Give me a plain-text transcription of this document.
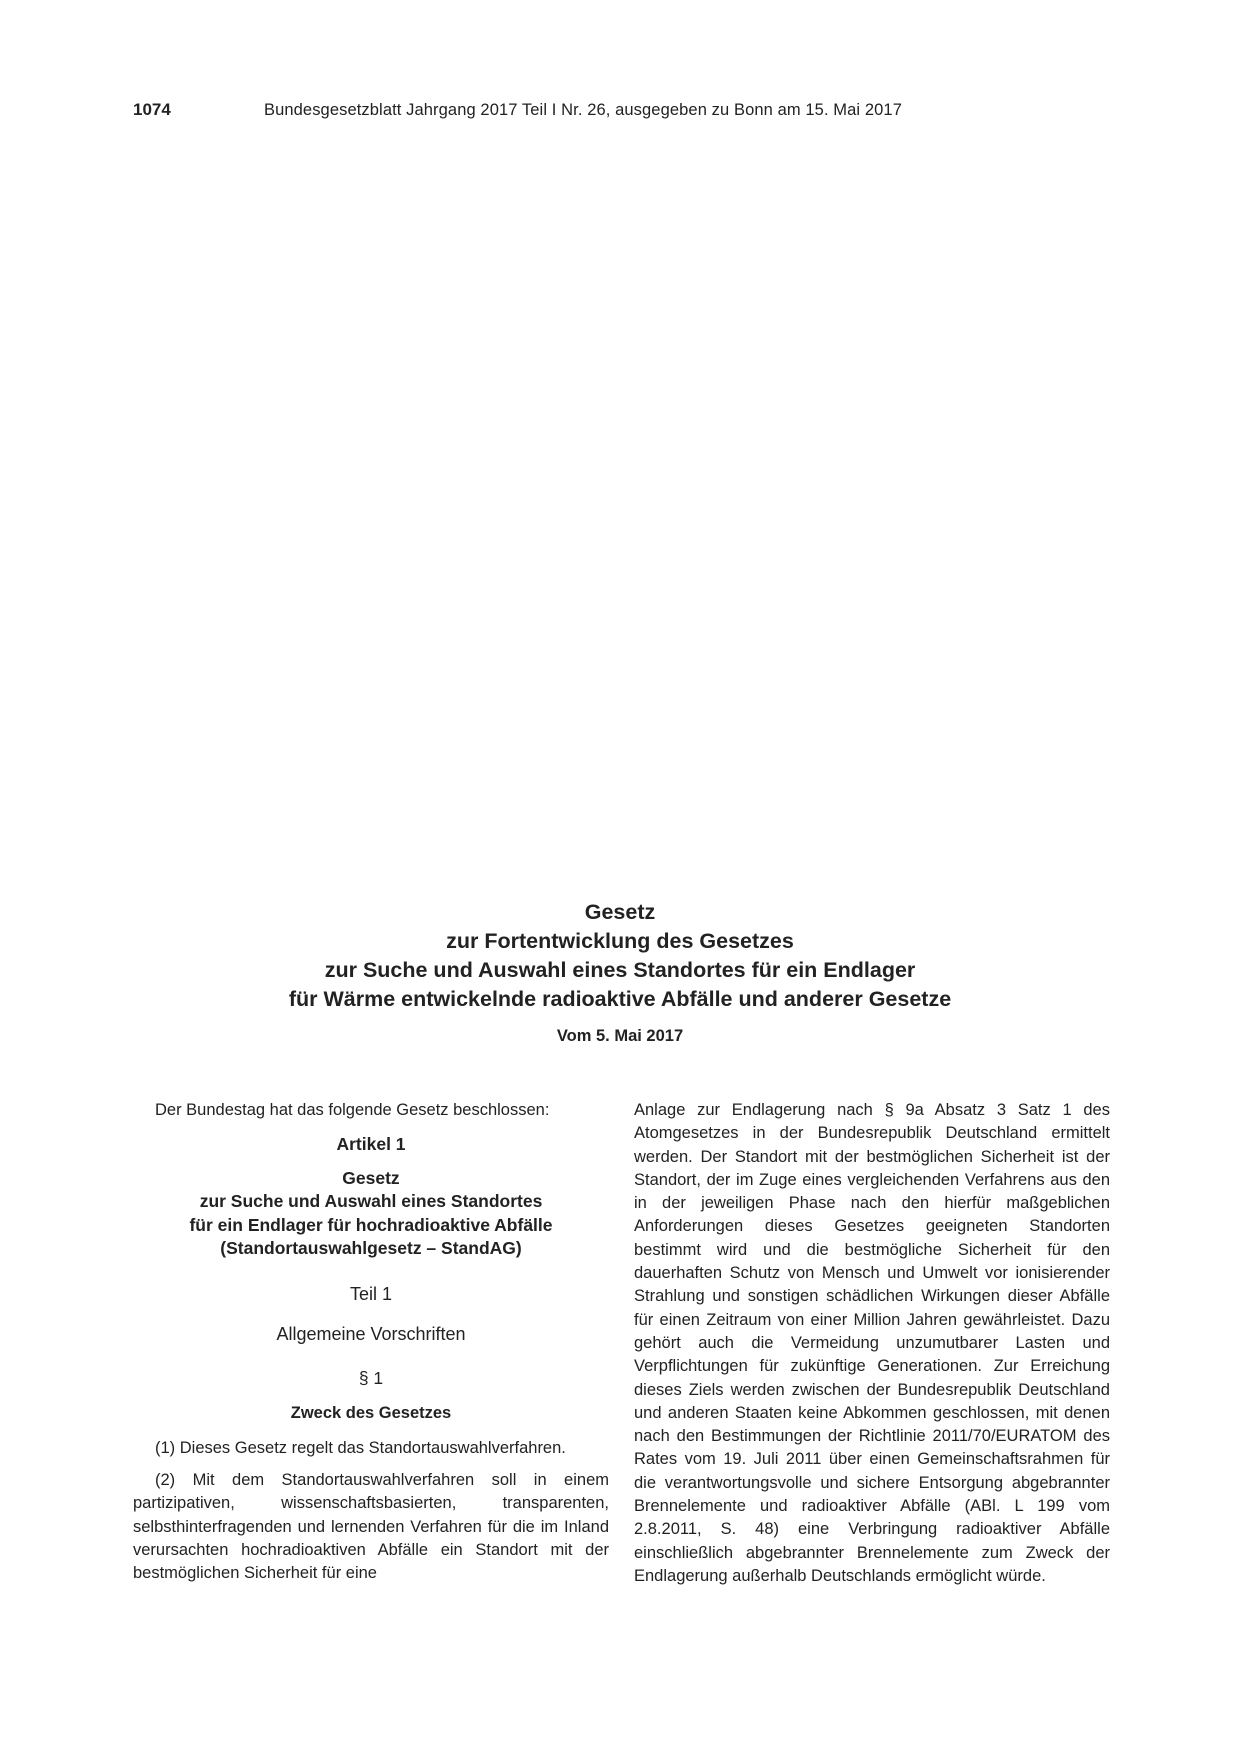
1074	Bundesgesetzblatt Jahrgang 2017 Teil I Nr. 26, ausgegeben zu Bonn am 15. Mai 2017
Gesetz
zur Fortentwicklung des Gesetzes
zur Suche und Auswahl eines Standortes für ein Endlager
für Wärme entwickelnde radioaktive Abfälle und anderer Gesetze
Vom 5. Mai 2017

Der Bundestag hat das folgende Gesetz beschlossen:

Artikel 1
Gesetz
zur Suche und Auswahl eines Standortes
für ein Endlager für hochradioaktive Abfälle
(Standortauswahlgesetz – StandAG)
Teil 1
Allgemeine Vorschriften
§ 1
Zweck des Gesetzes

(1) Dieses Gesetz regelt das Standortauswahlverfahren.

(2) Mit dem Standortauswahlverfahren soll in einem partizipativen, wissenschaftsbasierten, transparenten, selbsthinterfragenden und lernenden Verfahren für die im Inland verursachten hochradioaktiven Abfälle ein Standort mit der bestmöglichen Sicherheit für eine

Anlage zur Endlagerung nach § 9a Absatz 3 Satz 1 des Atomgesetzes in der Bundesrepublik Deutschland ermittelt werden. Der Standort mit der bestmöglichen Sicherheit ist der Standort, der im Zuge eines vergleichenden Verfahrens aus den in der jeweiligen Phase nach den hierfür maßgeblichen Anforderungen dieses Gesetzes geeigneten Standorten bestimmt wird und die bestmögliche Sicherheit für den dauerhaften Schutz von Mensch und Umwelt vor ionisierender Strahlung und sonstigen schädlichen Wirkungen dieser Abfälle für einen Zeitraum von einer Million Jahren gewährleistet. Dazu gehört auch die Vermeidung unzumutbarer Lasten und Verpflichtungen für zukünftige Generationen. Zur Erreichung dieses Ziels werden zwischen der Bundesrepublik Deutschland und anderen Staaten keine Abkommen geschlossen, mit denen nach den Bestimmungen der Richtlinie 2011/70/EURATOM des Rates vom 19. Juli 2011 über einen Gemeinschaftsrahmen für die verantwortungsvolle und sichere Entsorgung abgebrannter Brennelemente und radioaktiver Abfälle (ABl. L 199 vom 2.8.2011, S. 48) eine Verbringung radioaktiver Abfälle einschließlich abgebrannter Brennelemente zum Zweck der Endlagerung außerhalb Deutschlands ermöglicht würde.
